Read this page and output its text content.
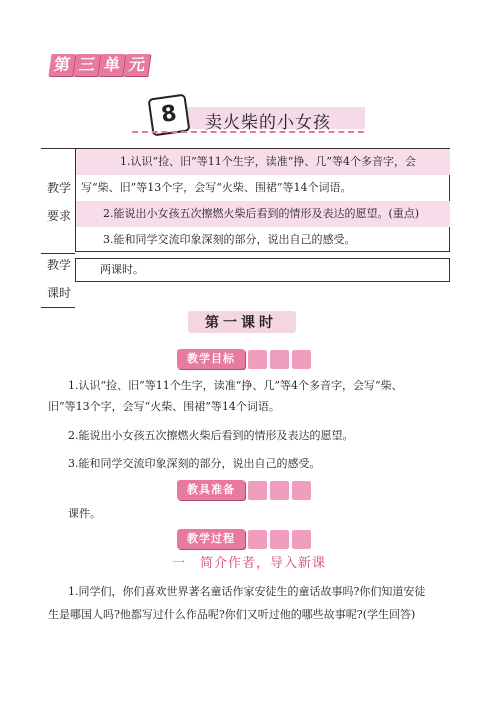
第 三 单 元
8	卖火柴的小女孩
教学
要求
1.认识“捡、旧”等11个生字，读准“挣、几”等4个多音字，会
写“柴、旧”等13个字，会写“火柴、围裙”等14个词语。
2.能说出小女孩五次擦燃火柴后看到的情形及表达的愿望。(重点)
3.能和同学交流印象深刻的部分，说出自己的感受。
教学
课时
两课时。
第一课时
教学目标
1.认识“捡、旧”等11个生字，读准“挣、几”等4个多音字，会写“柴、
旧”等13个字，会写“火柴、围裙”等14个词语。
2.能说出小女孩五次擦燃火柴后看到的情形及表达的愿望。
3.能和同学交流印象深刻的部分，说出自己的感受。
教具准备
课件。
教学过程
一　简介作者，导入新课
1.同学们，你们喜欢世界著名童话作家安徒生的童话故事吗?你们知道安徒
生是哪国人吗?他都写过什么作品呢?你们又听过他的哪些故事呢?(学生回答)
